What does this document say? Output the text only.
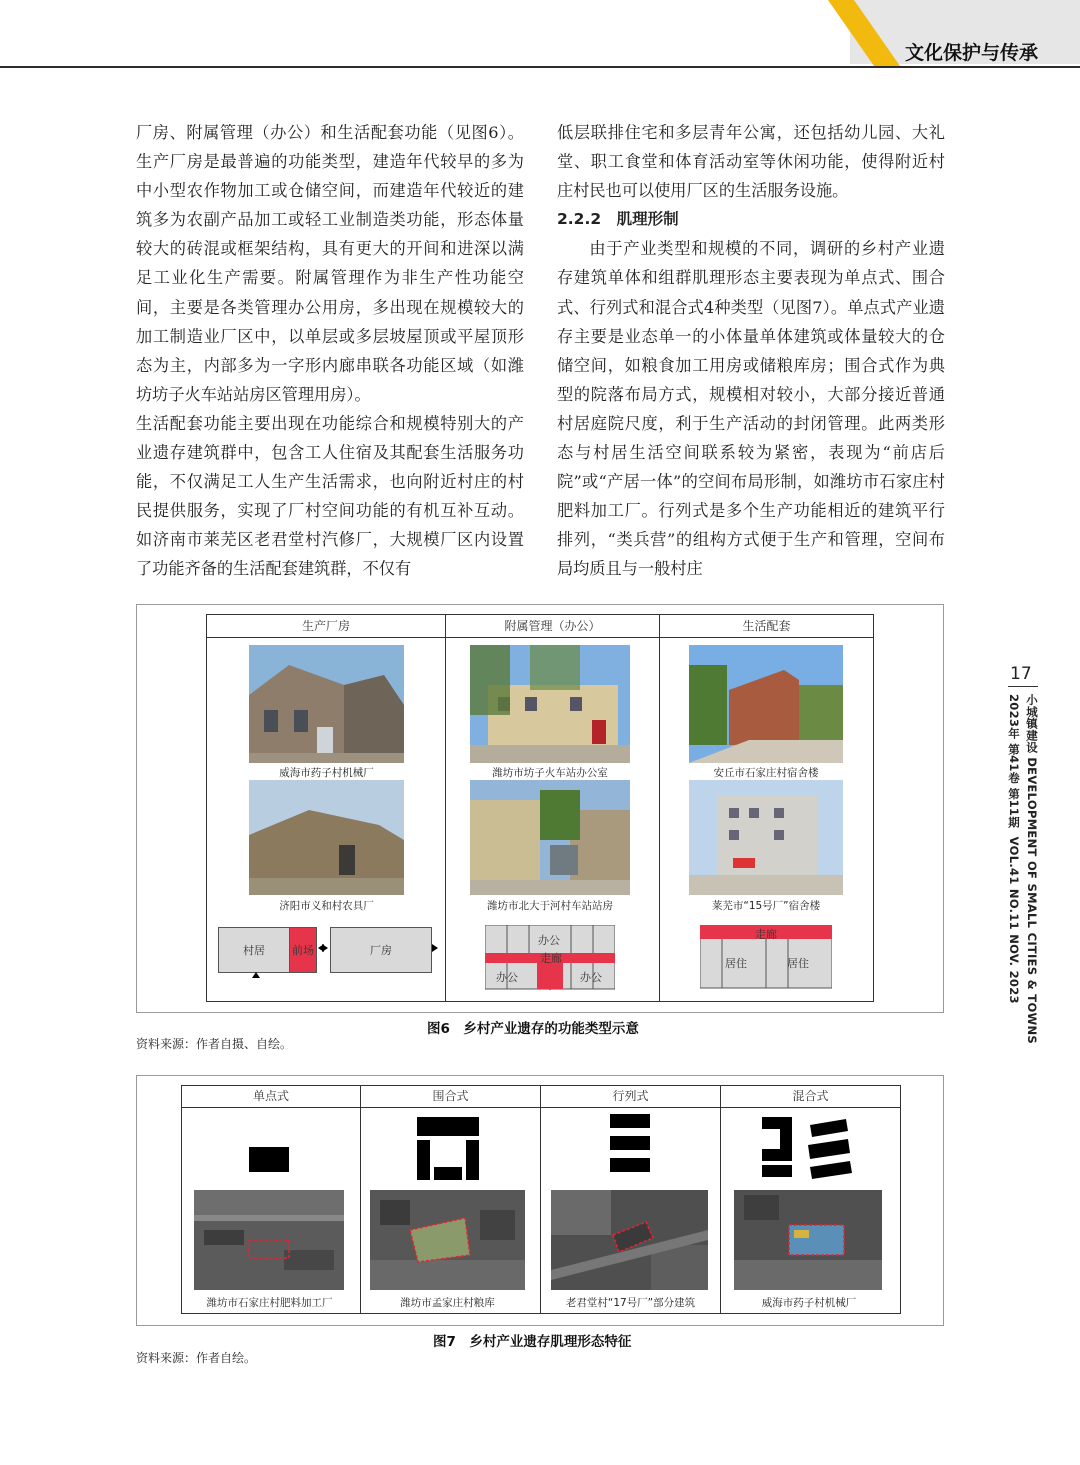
文化保护与传承

厂房、附属管理（办公）和生活配套功能（见图6）。生产厂房是最普遍的功能类型，建造年代较早的多为中小型农作物加工或仓储空间，而建造年代较近的建筑多为农副产品加工或轻工业制造类功能，形态体量较大的砖混或框架结构，具有更大的开间和进深以满足工业化生产需要。附属管理作为非生产性功能空间，主要是各类管理办公用房，多出现在规模较大的加工制造业厂区中，以单层或多层坡屋顶或平屋顶形态为主，内部多为一字形内廊串联各功能区域（如潍坊坊子火车站站房区管理用房）。

生活配套功能主要出现在功能综合和规模特别大的产业遗存建筑群中，包含工人住宿及其配套生活服务功能，不仅满足工人生产生活需求，也向附近村庄的村民提供服务，实现了厂村空间功能的有机互补互动。如济南市莱芜区老君堂村汽修厂，大规模厂区内设置了功能齐备的生活配套建筑群，不仅有

低层联排住宅和多层青年公寓，还包括幼儿园、大礼堂、职工食堂和体育活动室等休闲功能，使得附近村庄村民也可以使用厂区的生活服务设施。

2.2.2　肌理形制

由于产业类型和规模的不同，调研的乡村产业遗存建筑单体和组群肌理形态主要表现为单点式、围合式、行列式和混合式4种类型（见图7）。单点式产业遗存主要是业态单一的小体量单体建筑或体量较大的仓储空间，如粮食加工用房或储粮库房；围合式作为典型的院落布局方式，规模相对较小，大部分接近普通村居庭院尺度，利于生产活动的封闭管理。此两类形态与村居生活空间联系较为紧密，表现为“前店后院”或“产居一体”的空间布局形制，如潍坊市石家庄村肥料加工厂。行列式是多个生产功能相近的建筑平行排列，“类兵营”的组构方式便于生产和管理，空间布局均质且与一般村庄

生产厂房	附属管理（办公）	生活配套
威海市药子村机械厂	潍坊市坊子火车站办公室	安丘市石家庄村宿舍楼
济阳市义和村农具厂	潍坊市北大于河村车站站房	莱芜市“15号厂”宿舍楼
村居	前场	厂房
办公
走廊
办公	办公
走廊
居住	居住
图6　乡村产业遗存的功能类型示意
资料来源：作者自摄、自绘。
单点式	围合式	行列式	混合式
潍坊市石家庄村肥料加工厂	潍坊市孟家庄村粮库	老君堂村“17号厂”部分建筑	威海市药子村机械厂
图7　乡村产业遗存肌理形态特征
资料来源：作者自绘。
17
小城镇建设 DEVELOPMENT OF SMALL CITIES & TOWNS
2023年 第41卷 第11期  VOL.41 NO.11 NOV. 2023
